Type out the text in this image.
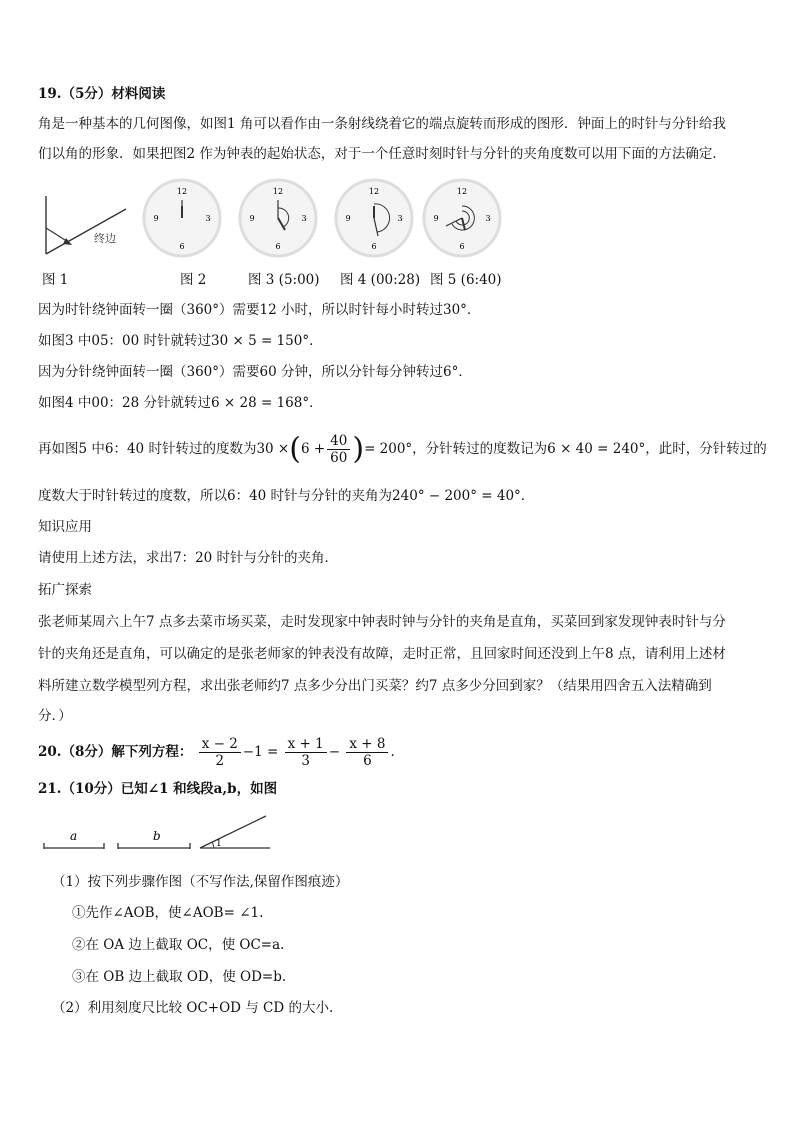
19.（5分）材料阅读
角是一种基本的几何图像，如图1 角可以看作由一条射线绕着它的端点旋转而形成的图形．钟面上的时针与分针给我
们以角的形象．如果把图2 作为钟表的起始状态，对于一个任意时刻时针与分针的夹角度数可以用下面的方法确定．
终边
12
3
6
9
12
3
6
9
12
3
6
9
12
3
6
9
图 1	图 2	图 3 (5:00) 图 4 (00:28) 图 5 (6:40)
因为时针绕钟面转一圈（360°）需要12 小时，所以时针每小时转过30°．
如图3 中05：00 时针就转过30 × 5 = 150°．
因为分针绕钟面转一圈（360°）需要60 分钟，所以分针每分钟转过6°．
如图4 中00：28 分针就转过6 × 28 = 168°．
再如图5 中6：40 时针转过的度数为$30 \times(6 + \frac{40}{60}$ )= 200°，分针转过的度数记为6 × 40 = 240°，此时，分针转过的
度数大于时针转过的度数，所以6：40 时针与分针的夹角为240° − 200° = 40°．
知识应用
请使用上述方法，求出7：20 时针与分针的夹角．
拓广探索
张老师某周六上午7 点多去菜市场买菜，走时发现家中钟表时钟与分针的夹角是直角，买菜回到家发现钟表时针与分
针的夹角还是直角，可以确定的是张老师家的钟表没有故障，走时正常，且回家时间还没到上午8 点，请利用上述材
料所建立数学模型列方程，求出张老师约7 点多少分出门买菜？约7 点多少分回到家？（结果用四舍五入法精确到
分．）
20.（8分）解下列方程： $\frac{x - 2}{2} -1 = \frac{x + 1}{3} - \frac{x + 8}{6}$ .
21.（10分）已知∠1 和线段a,b，如图
a	b
1
（1）按下列步骤作图（不写作法,保留作图痕迹）
①先作∠AOB，使∠AOB= ∠1.
②在 OA 边上截取 OC，使 OC=a.
③在 OB 边上截取 OD，使 OD=b.
（2）利用刻度尺比较 OC+OD 与 CD 的大小.
